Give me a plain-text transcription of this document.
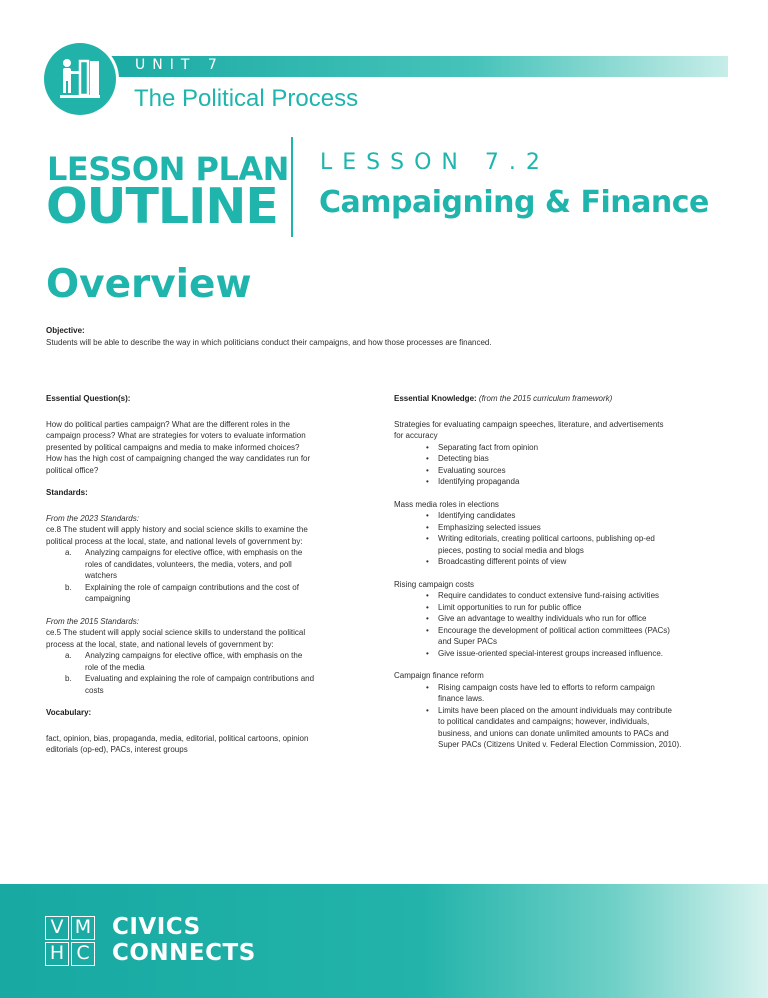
UNIT 7
The Political Process
LESSON PLAN
OUTLINE
LESSON 7.2
Campaigning & Finance
Overview
Objective:
Students will be able to describe the way in which politicians conduct their campaigns, and how those processes are financed.
Essential Question(s):
How do political parties campaign? What are the different roles in the
campaign process? What are strategies for voters to evaluate information
presented by political campaigns and media to make informed choices?
How has the high cost of campaigning changed the way candidates run for
political office?
Standards:
From the 2023 Standards:
ce.8 The student will apply history and social science skills to examine the
political process at the local, state, and national levels of government by:
a. Analyzing campaigns for elective office, with emphasis on the
roles of candidates, volunteers, the media, voters, and poll
watchers
b. Explaining the role of campaign contributions and the cost of
campaigning
From the 2015 Standards:
ce.5 The student will apply social science skills to understand the political
process at the local, state, and national levels of government by:
a. Analyzing campaigns for elective office, with emphasis on the
role of the media
b. Evaluating and explaining the role of campaign contributions and
costs
Vocabulary:
fact, opinion, bias, propaganda, media, editorial, political cartoons, opinion
editorials (op-ed), PACs, interest groups
Essential Knowledge: (from the 2015 curriculum framework)
Strategies for evaluating campaign speeches, literature, and advertisements
for accuracy
• Separating fact from opinion
• Detecting bias
• Evaluating sources
• Identifying propaganda
Mass media roles in elections
• Identifying candidates
• Emphasizing selected issues
• Writing editorials, creating political cartoons, publishing op-ed
pieces, posting to social media and blogs
• Broadcasting different points of view
Rising campaign costs
• Require candidates to conduct extensive fund-raising activities
• Limit opportunities to run for public office
• Give an advantage to wealthy individuals who run for office
• Encourage the development of political action committees (PACs)
and Super PACs
• Give issue-oriented special-interest groups increased influence.
Campaign finance reform
• Rising campaign costs have led to efforts to reform campaign
finance laws.
• Limits have been placed on the amount individuals may contribute
to political candidates and campaigns; however, individuals,
business, and unions can donate unlimited amounts to PACs and
Super PACs (Citizens United v. Federal Election Commission, 2010).
V M
H C
CIVICS
CONNECTS
